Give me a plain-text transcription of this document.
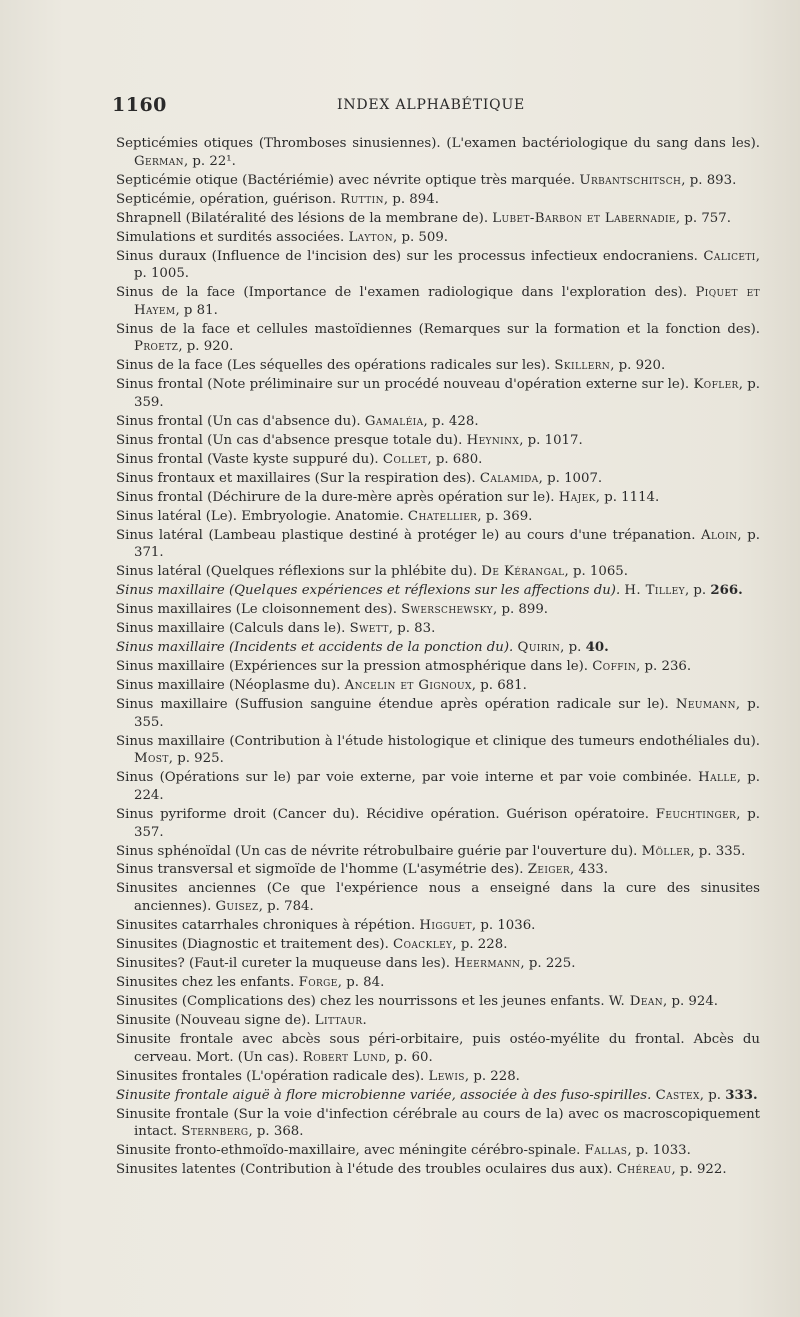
1160	INDEX ALPHABÉTIQUE

Septicémies otiques (Thromboses sinusiennes). (L'examen bactériologique du sang dans les). German, p. 22¹.

Septicémie otique (Bactériémie) avec névrite optique très marquée. Urbantschitsch, p. 893.

Septicémie, opération, guérison. Ruttin, p. 894.

Shrapnell (Bilatéralité des lésions de la membrane de). Lubet-Barbon et Labernadie, p. 757.

Simulations et surdités associées. Layton, p. 509.

Sinus duraux (Influence de l'incision des) sur les processus infectieux endocraniens. Caliceti, p. 1005.

Sinus de la face (Importance de l'examen radiologique dans l'exploration des). Piquet et Hayem, p 81.

Sinus de la face et cellules mastoïdiennes (Remarques sur la formation et la fonction des). Proetz, p. 920.

Sinus de la face (Les séquelles des opérations radicales sur les). Skillern, p. 920.

Sinus frontal (Note préliminaire sur un procédé nouveau d'opération externe sur le). Kofler, p. 359.

Sinus frontal (Un cas d'absence du). Gamaléia, p. 428.

Sinus frontal (Un cas d'absence presque totale du). Heyninx, p. 1017.

Sinus frontal (Vaste kyste suppuré du). Collet, p. 680.

Sinus frontaux et maxillaires (Sur la respiration des). Calamida, p. 1007.

Sinus frontal (Déchirure de la dure-mère après opération sur le). Hajek, p. 1114.

Sinus latéral (Le). Embryologie. Anatomie. Chatellier, p. 369.

Sinus latéral (Lambeau plastique destiné à protéger le) au cours d'une trépanation. Aloin, p. 371.

Sinus latéral (Quelques réflexions sur la phlébite du). De Kérangal, p. 1065.

Sinus maxillaire (Quelques expériences et réflexions sur les affections du). H. Tilley, p. 266.

Sinus maxillaires (Le cloisonnement des). Swerschewsky, p. 899.

Sinus maxillaire (Calculs dans le). Swett, p. 83.

Sinus maxillaire (Incidents et accidents de la ponction du). Quirin, p. 40.

Sinus maxillaire (Expériences sur la pression atmosphérique dans le). Coffin, p. 236.

Sinus maxillaire (Néoplasme du). Ancelin et Gignoux, p. 681.

Sinus maxillaire (Suffusion sanguine étendue après opération radicale sur le). Neumann, p. 355.

Sinus maxillaire (Contribution à l'étude histologique et clinique des tumeurs endothéliales du). Most, p. 925.

Sinus (Opérations sur le) par voie externe, par voie interne et par voie combinée. Halle, p. 224.

Sinus pyriforme droit (Cancer du). Récidive opération. Guérison opératoire. Feuchtinger, p. 357.

Sinus sphénoïdal (Un cas de névrite rétrobulbaire guérie par l'ouverture du). Möller, p. 335.

Sinus transversal et sigmoïde de l'homme (L'asymétrie des). Zeiger, 433.

Sinusites anciennes (Ce que l'expérience nous a enseigné dans la cure des sinusites anciennes). Guisez, p. 784.

Sinusites catarrhales chroniques à répétion. Higguet, p. 1036.

Sinusites (Diagnostic et traitement des). Coackley, p. 228.

Sinusites? (Faut-il cureter la muqueuse dans les). Heermann, p. 225.

Sinusites chez les enfants. Forge, p. 84.

Sinusites (Complications des) chez les nourrissons et les jeunes enfants. W. Dean, p. 924.

Sinusite (Nouveau signe de). Littaur.

Sinusite frontale avec abcès sous péri-orbitaire, puis ostéo-myélite du frontal. Abcès du cerveau. Mort. (Un cas). Robert Lund, p. 60.

Sinusites frontales (L'opération radicale des). Lewis, p. 228.

Sinusite frontale aiguë à flore microbienne variée, associée à des fuso-spirilles. Castex, p. 333.

Sinusite frontale (Sur la voie d'infection cérébrale au cours de la) avec os macroscopiquement intact. Sternberg, p. 368.

Sinusite fronto-ethmoïdo-maxillaire, avec méningite cérébro-spinale. Fallas, p. 1033.

Sinusites latentes (Contribution à l'étude des troubles oculaires dus aux). Chéreau, p. 922.
